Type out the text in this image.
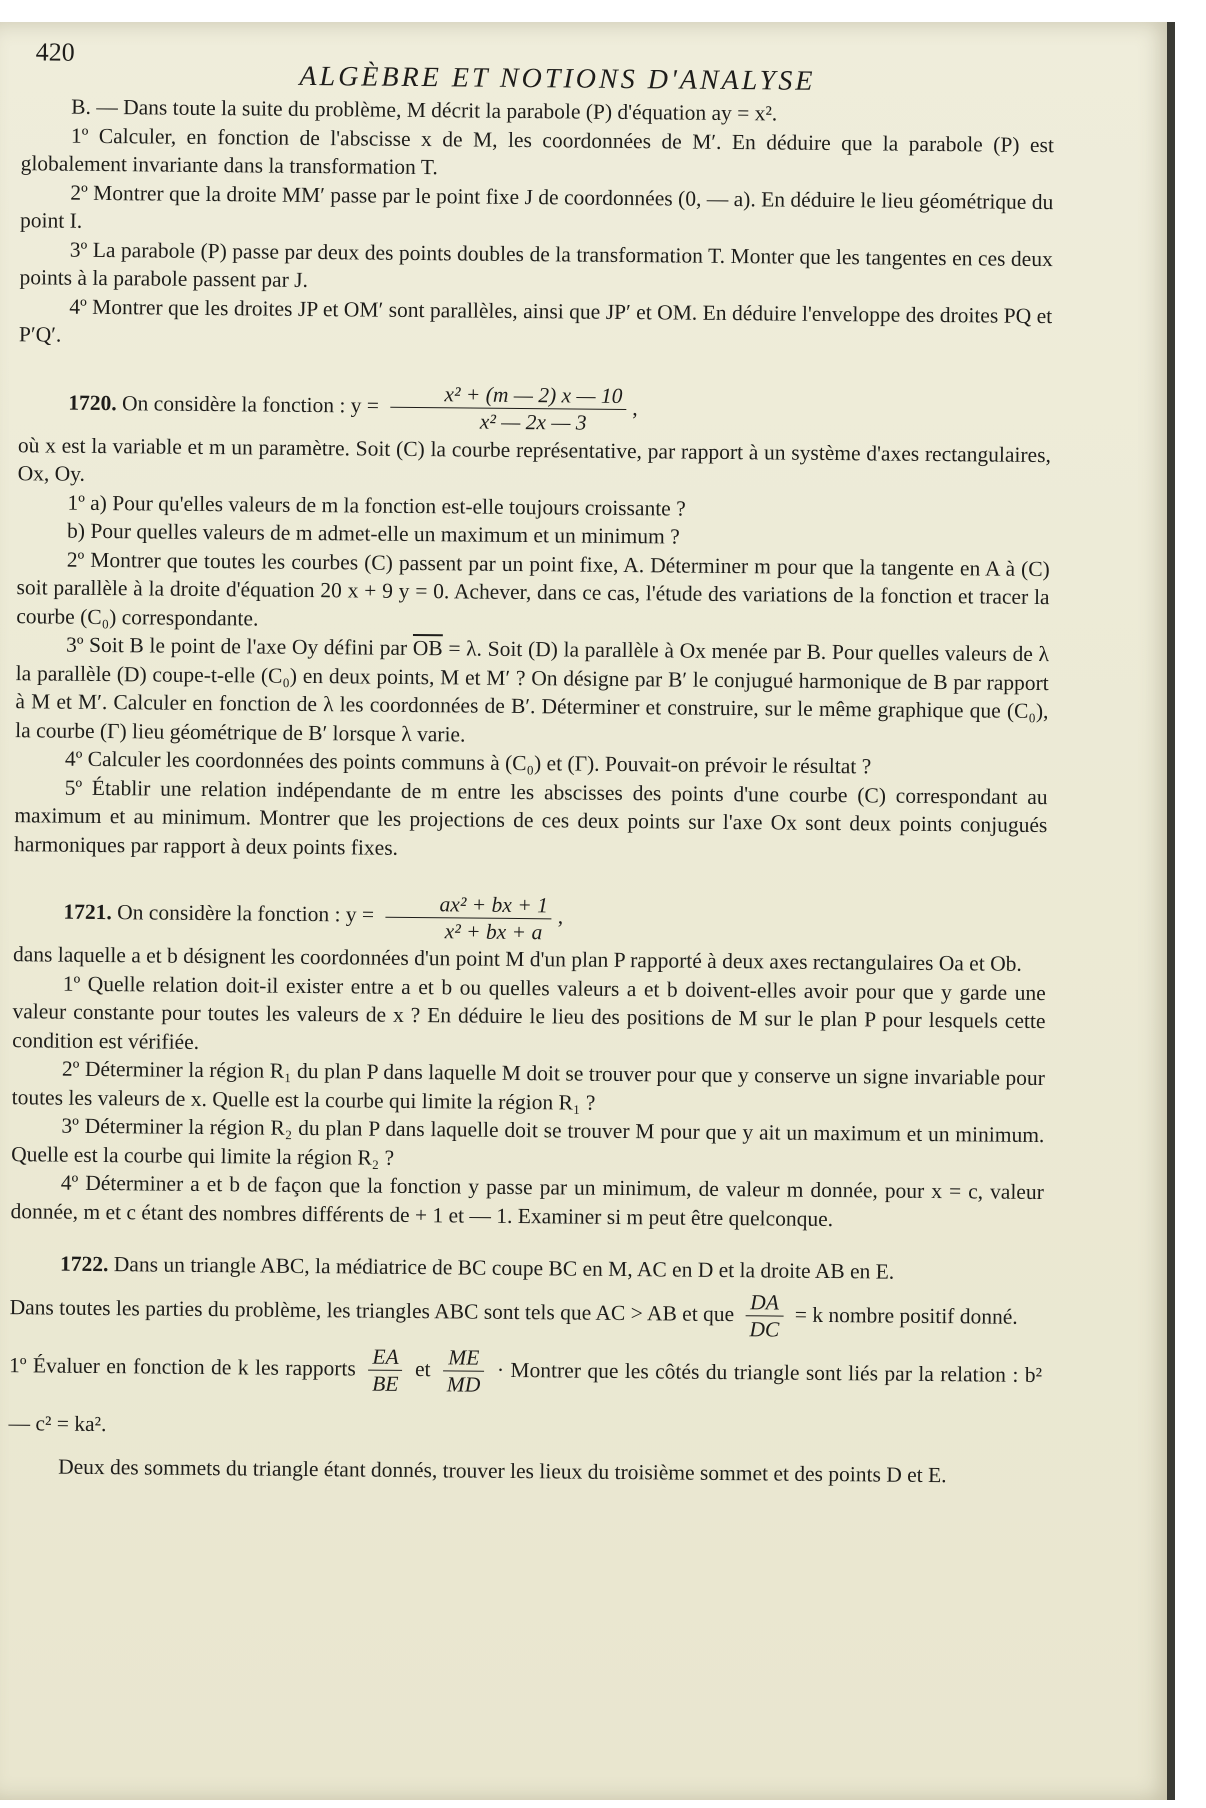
420
ALGÈBRE ET NOTIONS D'ANALYSE

B. — Dans toute la suite du problème, M décrit la parabole (P) d'équation ay = x².

1º Calculer, en fonction de l'abscisse x de M, les coordonnées de M′. En déduire que la parabole (P) est globalement invariante dans la transformation T.

2º Montrer que la droite MM′ passe par le point fixe J de coordonnées (0, — a). En déduire le lieu géométrique du point I.

3º La parabole (P) passe par deux des points doubles de la transformation T. Monter que les tangentes en ces deux points à la parabole passent par J.

4º Montrer que les droites JP et OM′ sont parallèles, ainsi que JP′ et OM. En déduire l'enveloppe des droites PQ et P′Q′.

1720. On considère la fonction : $y = \frac{\text{x² + (m — 2) x — 10}}{\text{x² — 2x — 3}}$ ,

où x est la variable et m un paramètre. Soit (C) la courbe représentative, par rapport à un système d'axes rectangulaires, Ox, Oy.

1º a) Pour qu'elles valeurs de m la fonction est-elle toujours croissante ?

b) Pour quelles valeurs de m admet-elle un maximum et un minimum ?

2º Montrer que toutes les courbes (C) passent par un point fixe, A. Déterminer m pour que la tangente en A à (C) soit parallèle à la droite d'équation 20 x + 9 y = 0. Achever, dans ce cas, l'étude des variations de la fonction et tracer la courbe (C₀) correspondante.

3º Soit B le point de l'axe Oy défini par $\overline{OB} = \lambda$. Soit (D) la parallèle à Ox menée par B. Pour quelles valeurs de λ la parallèle (D) coupe-t-elle (C₀) en deux points, M et M′ ? On désigne par B′ le conjugué harmonique de B par rapport à M et M′. Calculer en fonction de λ les coordonnées de B′. Déterminer et construire, sur le même graphique que (C₀), la courbe (Γ) lieu géométrique de B′ lorsque λ varie.

4º Calculer les coordonnées des points communs à (C₀) et (Γ). Pouvait-on prévoir le résultat ?

5º Établir une relation indépendante de m entre les abscisses des points d'une courbe (C) correspondant au maximum et au minimum. Montrer que les projections de ces deux points sur l'axe Ox sont deux points conjugués harmoniques par rapport à deux points fixes.

1721. On considère la fonction : $y = \frac{\text{ax² + bx + 1}}{\text{x² + bx + a}}$ ,

dans laquelle a et b désignent les coordonnées d'un point M d'un plan P rapporté à deux axes rectangulaires Oa et Ob.

1º Quelle relation doit-il exister entre a et b ou quelles valeurs a et b doivent-elles avoir pour que y garde une valeur constante pour toutes les valeurs de x ? En déduire le lieu des positions de M sur le plan P pour lesquels cette condition est vérifiée.

2º Déterminer la région R₁ du plan P dans laquelle M doit se trouver pour que y conserve un signe invariable pour toutes les valeurs de x. Quelle est la courbe qui limite la région R₁ ?

3º Déterminer la région R₂ du plan P dans laquelle doit se trouver M pour que y ait un maximum et un minimum. Quelle est la courbe qui limite la région R₂ ?

4º Déterminer a et b de façon que la fonction y passe par un minimum, de valeur m donnée, pour x = c, valeur donnée, m et c étant des nombres différents de + 1 et — 1. Examiner si m peut être quelconque.

1722. Dans un triangle ABC, la médiatrice de BC coupe BC en M, AC en D et la droite AB en E.

Dans toutes les parties du problème, les triangles ABC sont tels que AC > AB et que $\frac{DA}{DC} = k$ nombre positif donné.

1º Évaluer en fonction de k les rapports $\frac{EA}{BE}$ et $\frac{ME}{MD}$ · Montrer que les côtés du triangle sont liés par la relation : b² — c² = ka².

Deux des sommets du triangle étant donnés, trouver les lieux du troisième sommet et des points D et E.
